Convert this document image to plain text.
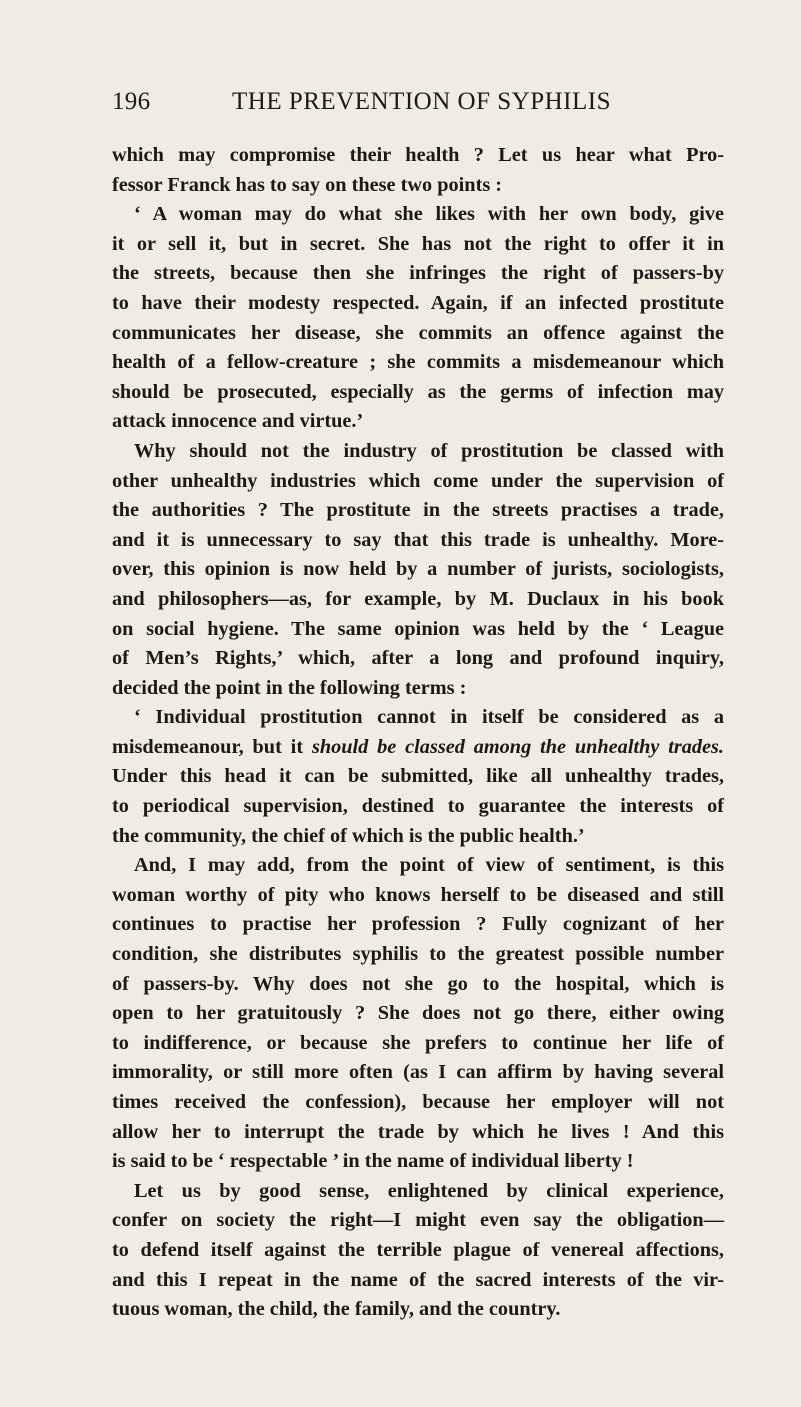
196	THE PREVENTION OF SYPHILIS
which may compromise their health ? Let us hear what Pro-
fessor Franck has to say on these two points :
‘ A woman may do what she likes with her own body, give
it or sell it, but in secret. She has not the right to offer it in
the streets, because then she infringes the right of passers-by
to have their modesty respected. Again, if an infected prostitute
communicates her disease, she commits an offence against the
health of a fellow-creature ; she commits a misdemeanour which
should be prosecuted, especially as the germs of infection may
attack innocence and virtue.’
Why should not the industry of prostitution be classed with
other unhealthy industries which come under the supervision of
the authorities ? The prostitute in the streets practises a trade,
and it is unnecessary to say that this trade is unhealthy. More-
over, this opinion is now held by a number of jurists, sociologists,
and philosophers—as, for example, by M. Duclaux in his book
on social hygiene. The same opinion was held by the ‘ League
of Men’s Rights,’ which, after a long and profound inquiry,
decided the point in the following terms :
‘ Individual prostitution cannot in itself be considered as a
misdemeanour, but it should be classed among the unhealthy trades.
Under this head it can be submitted, like all unhealthy trades,
to periodical supervision, destined to guarantee the interests of
the community, the chief of which is the public health.’
And, I may add, from the point of view of sentiment, is this
woman worthy of pity who knows herself to be diseased and still
continues to practise her profession ? Fully cognizant of her
condition, she distributes syphilis to the greatest possible number
of passers-by. Why does not she go to the hospital, which is
open to her gratuitously ? She does not go there, either owing
to indifference, or because she prefers to continue her life of
immorality, or still more often (as I can affirm by having several
times received the confession), because her employer will not
allow her to interrupt the trade by which he lives ! And this
is said to be ‘ respectable ’ in the name of individual liberty !
Let us by good sense, enlightened by clinical experience,
confer on society the right—I might even say the obligation—
to defend itself against the terrible plague of venereal affections,
and this I repeat in the name of the sacred interests of the vir-
tuous woman, the child, the family, and the country.
